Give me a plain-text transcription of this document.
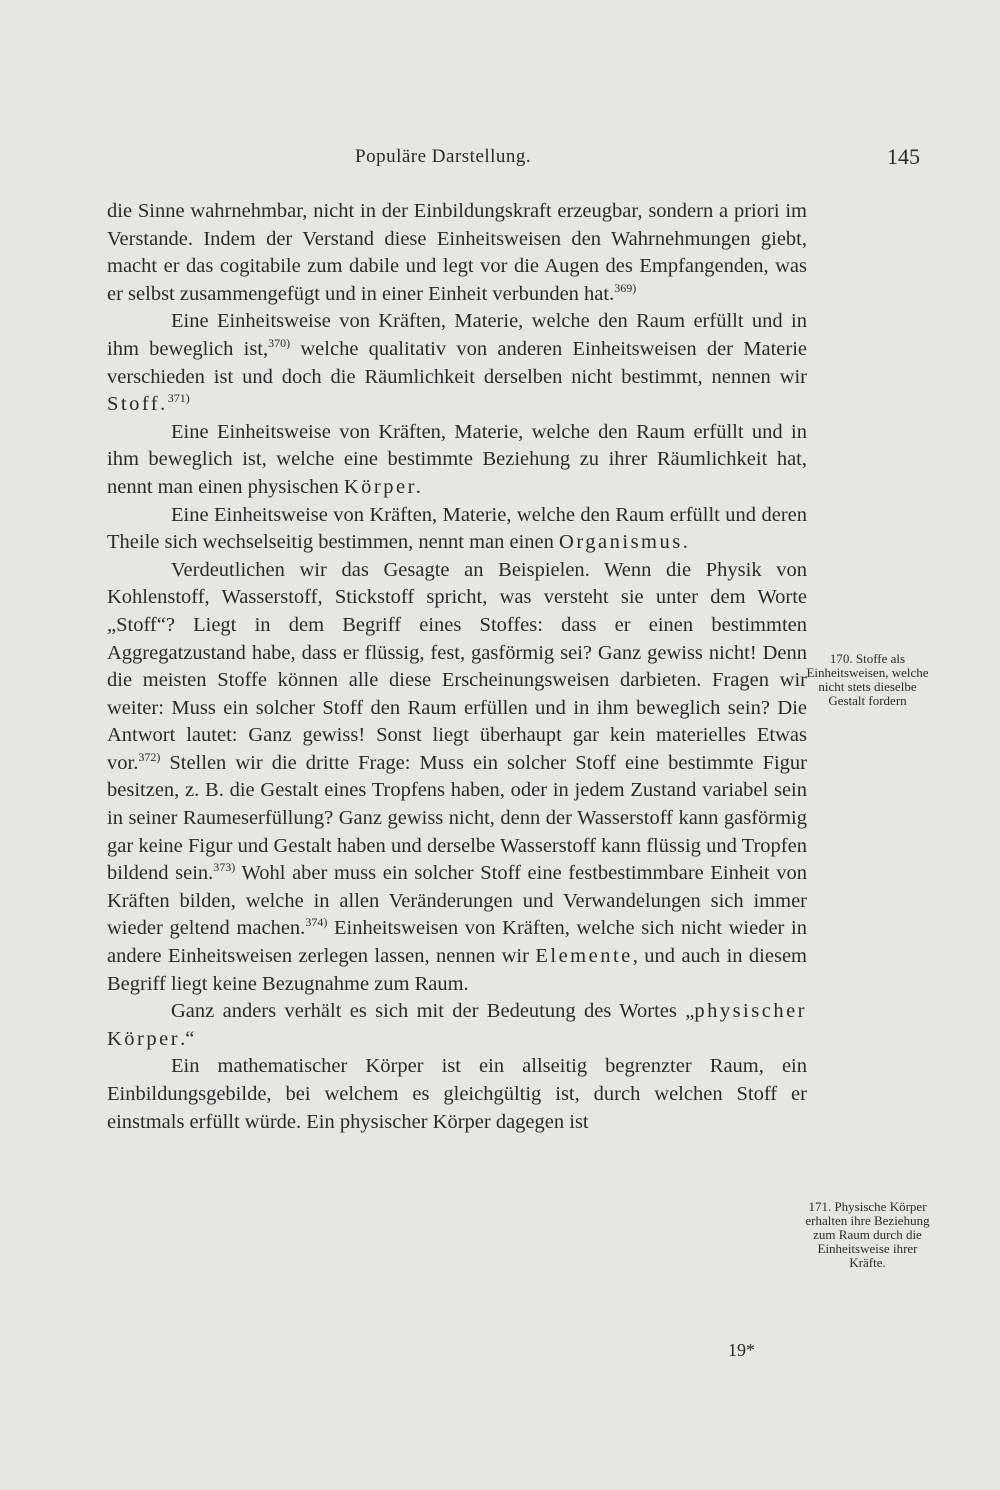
Populäre Darstellung.	145

die Sinne wahrnehmbar, nicht in der Einbildungskraft erzeugbar, sondern a priori im Verstande. Indem der Verstand diese Einheitsweisen den Wahrnehmungen giebt, macht er das cogitabile zum dabile und legt vor die Augen des Empfangenden, was er selbst zusammengefügt und in einer Einheit verbunden hat.$^{369)}$

Eine Einheitsweise von Kräften, Materie, welche den Raum erfüllt und in ihm beweglich ist,$^{370)}$ welche qualitativ von anderen Einheitsweisen der Materie verschieden ist und doch die Räumlichkeit derselben nicht bestimmt, nennen wir Stoff.$^{371)}$

Eine Einheitsweise von Kräften, Materie, welche den Raum erfüllt und in ihm beweglich ist, welche eine bestimmte Beziehung zu ihrer Räumlichkeit hat, nennt man einen physischen Körper.

Eine Einheitsweise von Kräften, Materie, welche den Raum erfüllt und deren Theile sich wechselseitig bestimmen, nennt man einen Organismus.

Verdeutlichen wir das Gesagte an Beispielen. Wenn die Physik von Kohlenstoff, Wasserstoff, Stickstoff spricht, was versteht sie unter dem Worte „Stoff“? Liegt in dem Begriff eines Stoffes: dass er einen bestimmten Aggregatzustand habe, dass er flüssig, fest, gasförmig sei? Ganz gewiss nicht! Denn die meisten Stoffe können alle diese Erscheinungsweisen darbieten. Fragen wir weiter: Muss ein solcher Stoff den Raum erfüllen und in ihm beweglich sein? Die Antwort lautet: Ganz gewiss! Sonst liegt überhaupt gar kein materielles Etwas vor.$^{372)}$ Stellen wir die dritte Frage: Muss ein solcher Stoff eine bestimmte Figur besitzen, z. B. die Gestalt eines Tropfens haben, oder in jedem Zustand variabel sein in seiner Raumeserfüllung? Ganz gewiss nicht, denn der Wasserstoff kann gasförmig gar keine Figur und Gestalt haben und derselbe Wasserstoff kann flüssig und Tropfen bildend sein.$^{373)}$ Wohl aber muss ein solcher Stoff eine festbestimmbare Einheit von Kräften bilden, welche in allen Veränderungen und Verwandelungen sich immer wieder geltend machen.$^{374)}$ Einheitsweisen von Kräften, welche sich nicht wieder in andere Einheitsweisen zerlegen lassen, nennen wir Elemente, und auch in diesem Begriff liegt keine Bezugnahme zum Raum.

Ganz anders verhält es sich mit der Bedeutung des Wortes „physischer Körper.“

Ein mathematischer Körper ist ein allseitig begrenzter Raum, ein Einbildungsgebilde, bei welchem es gleichgültig ist, durch welchen Stoff er einstmals erfüllt würde. Ein physischer Körper dagegen ist

170. Stoffe als Einheitsweisen, welche nicht stets dieselbe Gestalt fordern
171. Physische Körper erhalten ihre Beziehung zum Raum durch die Einheitsweise ihrer Kräfte.
19*
